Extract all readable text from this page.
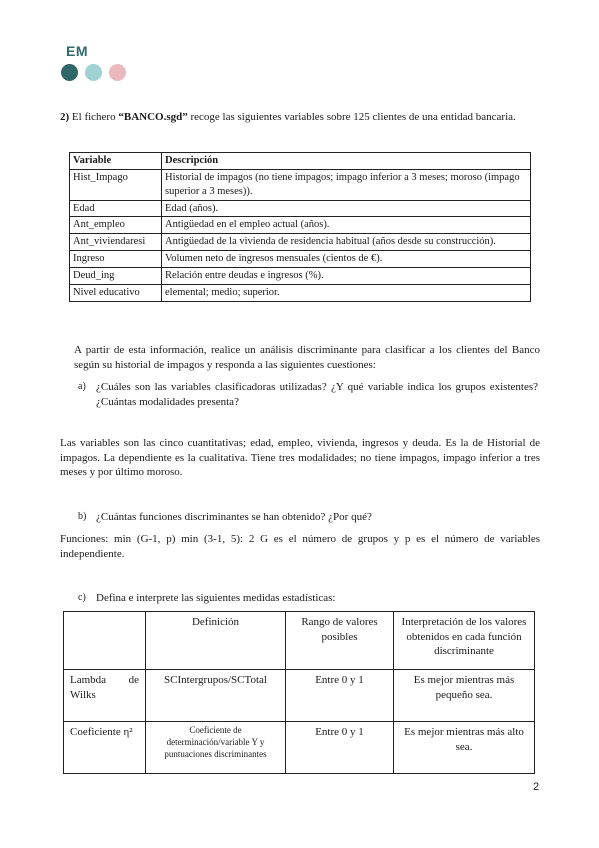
EM
2) El fichero “BANCO.sgd” recoge las siguientes variables sobre 125 clientes de una entidad bancaria.
Variable	Descripción
Hist_Impago	Historial de impagos (no tiene impagos; impago inferior a 3 meses; moroso (impago superior a 3 meses)).
Edad	Edad (años).
Ant_empleo	Antigüedad en el empleo actual (años).
Ant_viviendaresi	Antigüedad de la vivienda de residencia habitual (años desde su construcción).
Ingreso	Volumen neto de ingresos mensuales (cientos de €).
Deud_ing	Relación entre deudas e ingresos (%).
Nivel educativo	elemental; medio; superior.
A partir de esta información, realice un análisis discriminante para clasificar a los clientes del Banco según su historial de impagos y responda a las siguientes cuestiones:
a) ¿Cuáles son las variables clasificadoras utilizadas? ¿Y qué variable indica los grupos existentes? ¿Cuántas modalidades presenta?
Las variables son las cinco cuantitativas; edad, empleo, vivienda, ingresos y deuda. Es la de Historial de impagos. La dependiente es la cualitativa. Tiene tres modalidades; no tiene impagos, impago inferior a tres meses y por último moroso.
b) ¿Cuántas funciones discriminantes se han obtenido? ¿Por qué?
Funciones: min (G-1, p) min (3-1, 5): 2 G es el número de grupos y p es el número de variables independiente.
c) Defina e interprete las siguientes medidas estadísticas:
	Definición	Rango de valores posibles	Interpretación de los valores obtenidos en cada función discriminante
Lambda de Wilks	SCIntergrupos/SCTotal	Entre 0 y 1	Es mejor mientras más pequeño sea.
Coeficiente η²	Coeficiente de determinación/variable Y y puntuaciones discriminantes	Entre 0 y 1	Es mejor mientras más alto sea.
2
